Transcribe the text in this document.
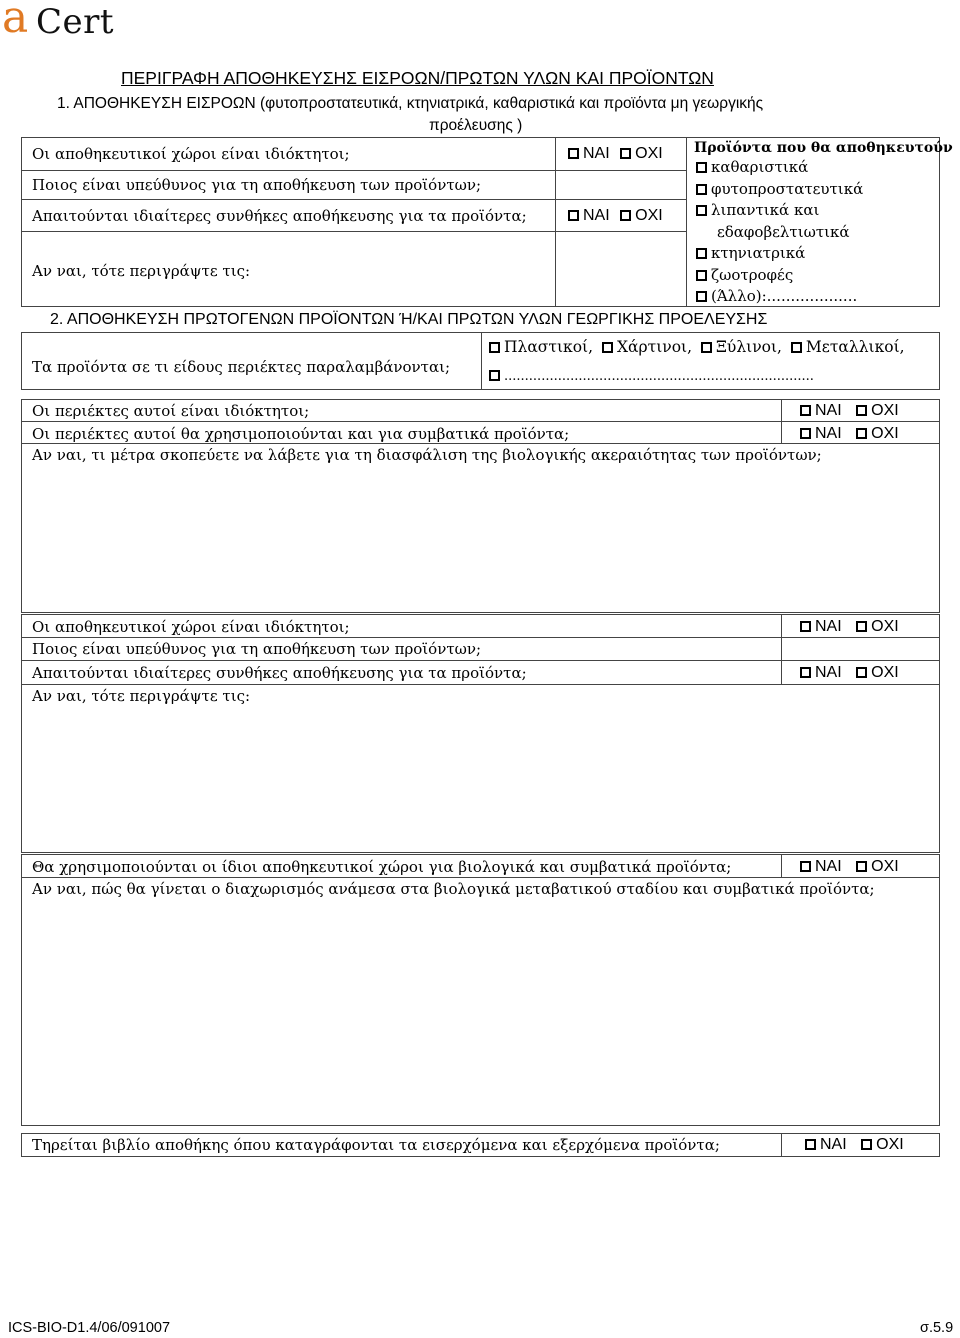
a Cert
ΠΕΡΙΓΡΑΦΗ ΑΠΟΘΗΚΕΥΣΗΣ ΕΙΣΡΟΩΝ/ΠΡΩΤΩΝ ΥΛΩΝ ΚΑΙ ΠΡΟΪΟΝΤΩΝ
1. ΑΠΟΘΗΚΕΥΣΗ ΕΙΣΡΟΩΝ (φυτοπροστατευτικά, κτηνιατρικά, καθαριστικά και προϊόντα μη γεωργικής
προέλευσης )
Οι αποθηκευτικοί χώροι είναι ιδιόκτητοι;	ΝΑΙ ΟΧΙ
Ποιος είναι υπεύθυνος για τη αποθήκευση των προϊόντων;
Απαιτούνται ιδιαίτερες συνθήκες αποθήκευσης για τα προϊόντα;	ΝΑΙ ΟΧΙ
Αν ναι, τότε περιγράψτε τις:
Προϊόντα που θα αποθηκευτούν
καθαριστικά
φυτοπροστατευτικά
λιπαντικά και
εδαφοβελτιωτικά
κτηνιατρικά
ζωοτροφές
(Άλλο):...................
2. ΑΠΟΘΗΚΕΥΣΗ ΠΡΩΤΟΓΕΝΩΝ ΠΡΟΪΟΝΤΩΝ Ή/ΚΑΙ ΠΡΩΤΩΝ ΥΛΩΝ ΓΕΩΡΓΙΚΗΣ ΠΡΟΕΛΕΥΣΗΣ
Τα προϊόντα σε τι είδους περιέκτες παραλαμβάνονται;
Πλαστικοί, Χάρτινοι, Ξύλινοι, Μεταλλικοί,
...........................................................................
Οι περιέκτες αυτοί είναι ιδιόκτητοι;	ΝΑΙ ΟΧΙ
Οι περιέκτες αυτοί θα χρησιμοποιούνται και για συμβατικά προϊόντα;	ΝΑΙ ΟΧΙ
Αν ναι, τι μέτρα σκοπεύετε να λάβετε για τη διασφάλιση της βιολογικής ακεραιότητας των προϊόντων;
Οι αποθηκευτικοί χώροι είναι ιδιόκτητοι;	ΝΑΙ ΟΧΙ
Ποιος είναι υπεύθυνος για τη αποθήκευση των προϊόντων;
Απαιτούνται ιδιαίτερες συνθήκες αποθήκευσης για τα προϊόντα;	ΝΑΙ ΟΧΙ
Αν ναι, τότε περιγράψτε τις:
Θα χρησιμοποιούνται οι ίδιοι αποθηκευτικοί χώροι για βιολογικά και συμβατικά προϊόντα;	ΝΑΙ ΟΧΙ
Αν ναι, πώς θα γίνεται ο διαχωρισμός ανάμεσα στα βιολογικά μεταβατικού σταδίου και συμβατικά προϊόντα;
Τηρείται βιβλίο αποθήκης όπου καταγράφονται τα εισερχόμενα και εξερχόμενα προϊόντα;	ΝΑΙ ΟΧΙ
ICS-BIO-D1.4/06/091007	σ.5.9
